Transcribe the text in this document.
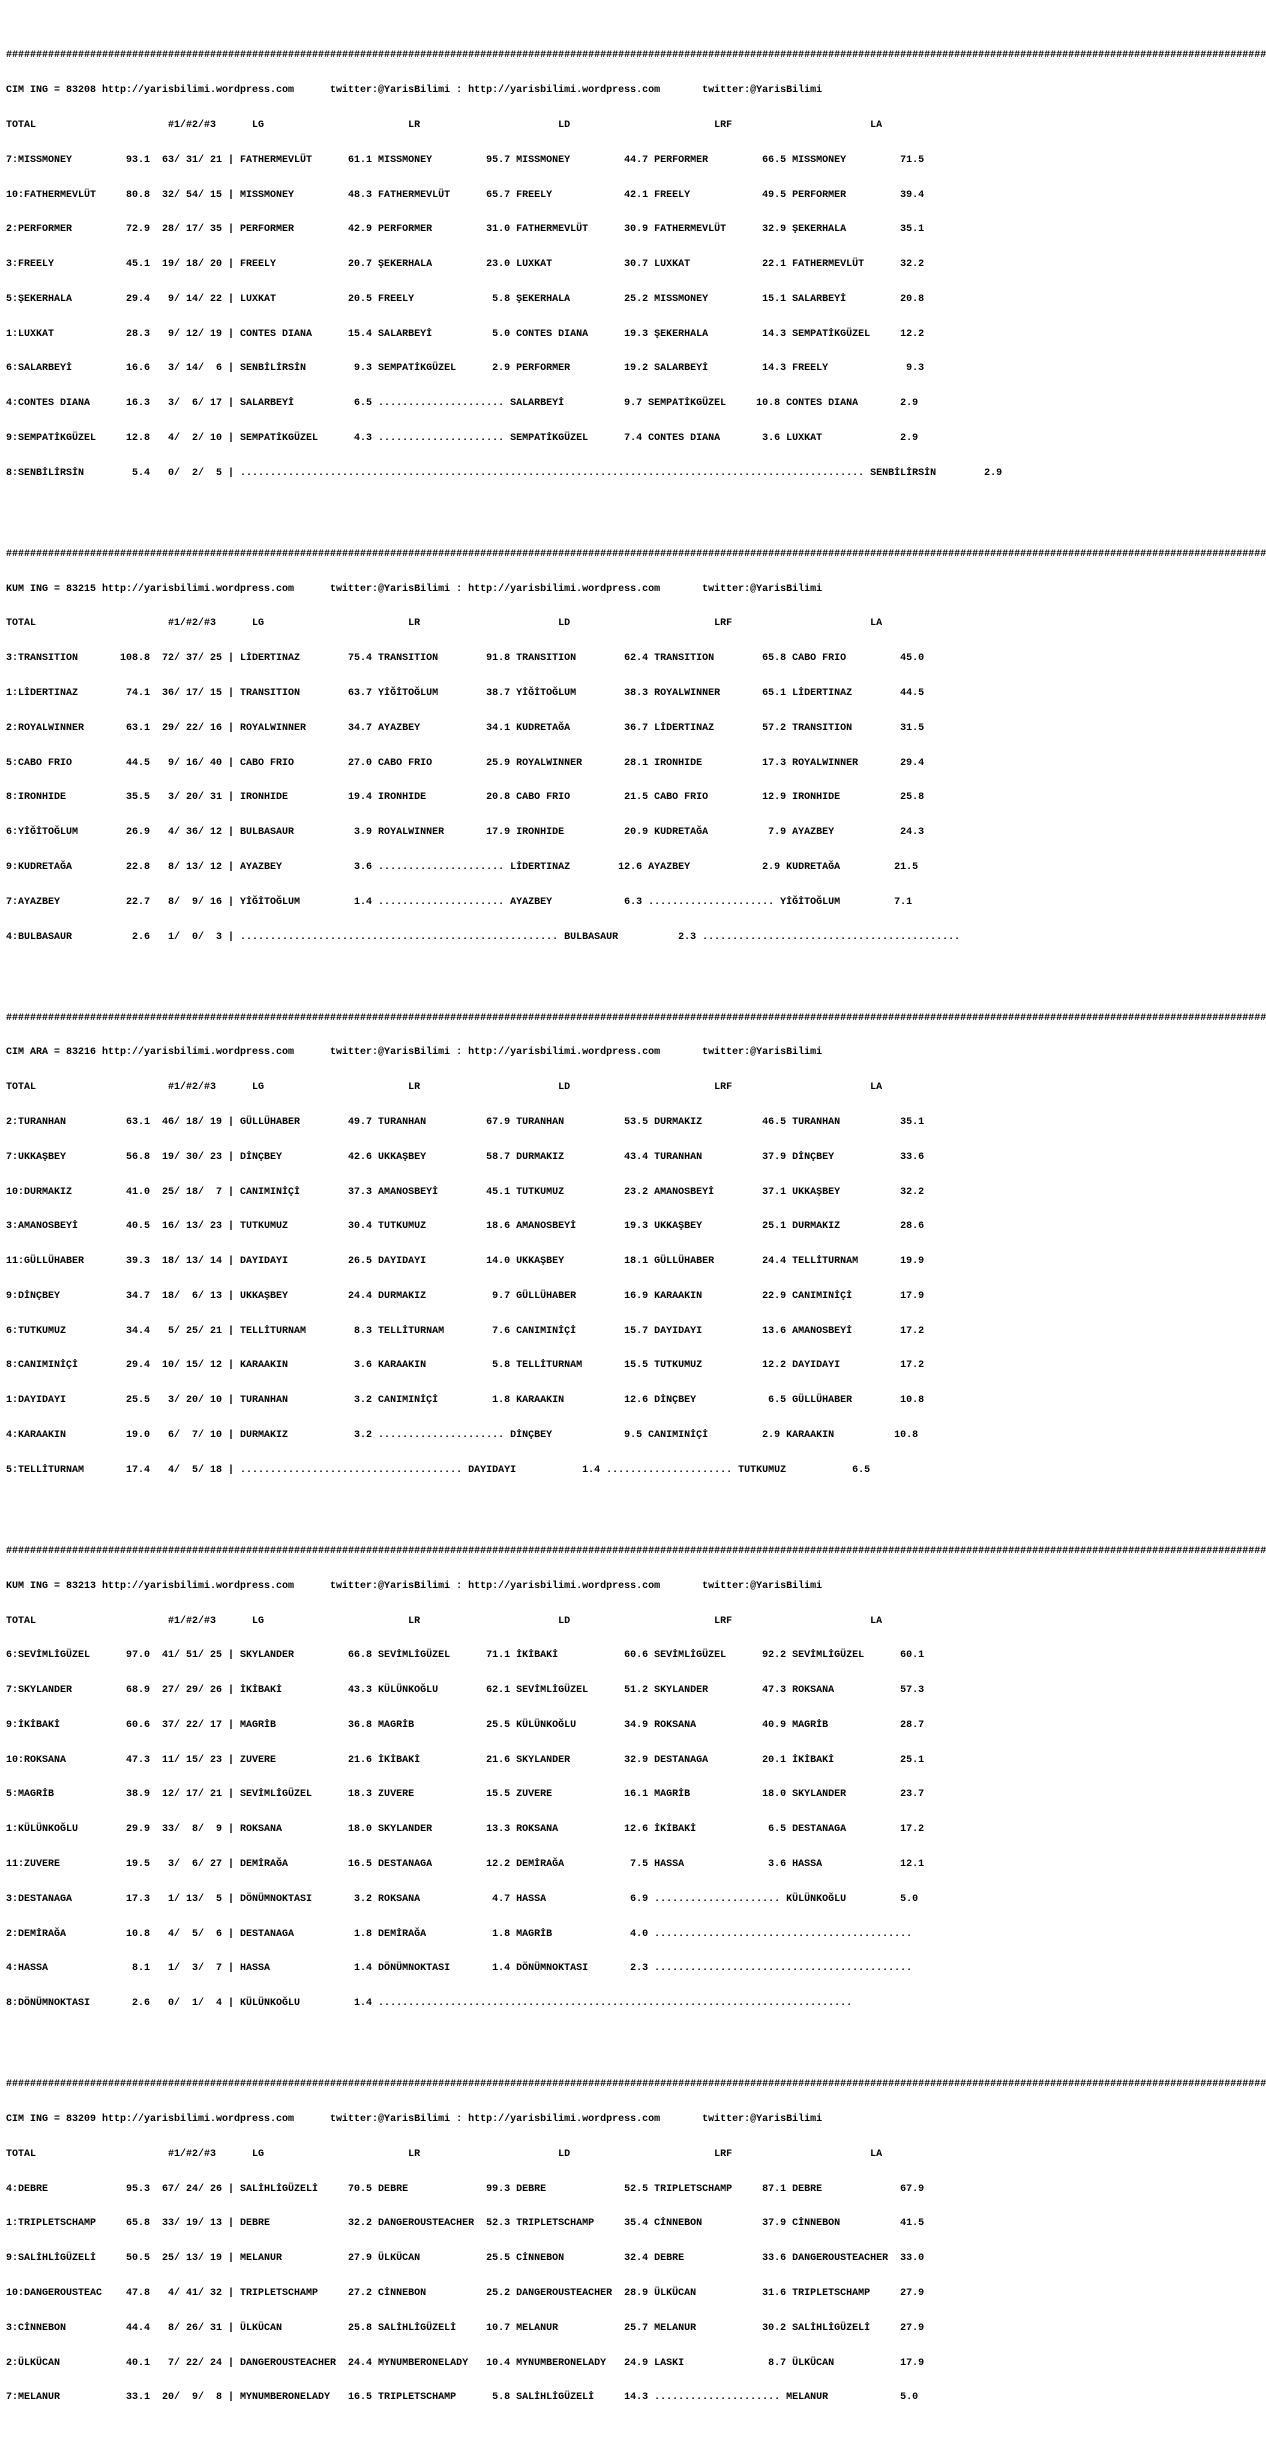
##################################################################################################################################################################################################################

CIM ING = 83208 http://yarisbilimi.wordpress.com      twitter:@YarisBilimi : http://yarisbilimi.wordpress.com       twitter:@YarisBilimi

TOTAL                      #1/#2/#3      LG                        LR                       LD                        LRF                       LA

7:MISSMONEY         93.1  63/ 31/ 21 | FATHERMEVLÜT      61.1 MISSMONEY         95.7 MISSMONEY         44.7 PERFORMER         66.5 MISSMONEY         71.5

10:FATHERMEVLÜT     80.8  32/ 54/ 15 | MISSMONEY         48.3 FATHERMEVLÜT      65.7 FREELY            42.1 FREELY            49.5 PERFORMER         39.4

2:PERFORMER         72.9  28/ 17/ 35 | PERFORMER         42.9 PERFORMER         31.0 FATHERMEVLÜT      30.9 FATHERMEVLÜT      32.9 ŞEKERHALA         35.1

3:FREELY            45.1  19/ 18/ 20 | FREELY            20.7 ŞEKERHALA         23.0 LUXKAT            30.7 LUXKAT            22.1 FATHERMEVLÜT      32.2

5:ŞEKERHALA         29.4   9/ 14/ 22 | LUXKAT            20.5 FREELY             5.8 ŞEKERHALA         25.2 MISSMONEY         15.1 SALARBEYİ         20.8

1:LUXKAT            28.3   9/ 12/ 19 | CONTES DIANA      15.4 SALARBEYİ          5.0 CONTES DIANA      19.3 ŞEKERHALA         14.3 SEMPATİKGÜZEL     12.2

6:SALARBEYİ         16.6   3/ 14/  6 | SENBİLİRSİN        9.3 SEMPATİKGÜZEL      2.9 PERFORMER         19.2 SALARBEYİ         14.3 FREELY             9.3

4:CONTES DIANA      16.3   3/  6/ 17 | SALARBEYİ          6.5 ..................... SALARBEYİ          9.7 SEMPATİKGÜZEL     10.8 CONTES DIANA       2.9

9:SEMPATİKGÜZEL     12.8   4/  2/ 10 | SEMPATİKGÜZEL      4.3 ..................... SEMPATİKGÜZEL      7.4 CONTES DIANA       3.6 LUXKAT             2.9

8:SENBİLİRSİN        5.4   0/  2/  5 | ........................................................................................................ SENBİLİRSİN        2.9

##################################################################################################################################################################################################################

KUM ING = 83215 http://yarisbilimi.wordpress.com      twitter:@YarisBilimi : http://yarisbilimi.wordpress.com       twitter:@YarisBilimi

TOTAL                      #1/#2/#3      LG                        LR                       LD                        LRF                       LA

3:TRANSITION       108.8  72/ 37/ 25 | LİDERTINAZ        75.4 TRANSITION        91.8 TRANSITION        62.4 TRANSITION        65.8 CABO FRIO         45.0

1:LİDERTINAZ        74.1  36/ 17/ 15 | TRANSITION        63.7 YİĞİTOĞLUM        38.7 YİĞİTOĞLUM        38.3 ROYALWINNER       65.1 LİDERTINAZ        44.5

2:ROYALWINNER       63.1  29/ 22/ 16 | ROYALWINNER       34.7 AYAZBEY           34.1 KUDRETAĞA         36.7 LİDERTINAZ        57.2 TRANSITION        31.5

5:CABO FRIO         44.5   9/ 16/ 40 | CABO FRIO         27.0 CABO FRIO         25.9 ROYALWINNER       28.1 IRONHIDE          17.3 ROYALWINNER       29.4

8:IRONHIDE          35.5   3/ 20/ 31 | IRONHIDE          19.4 IRONHIDE          20.8 CABO FRIO         21.5 CABO FRIO         12.9 IRONHIDE          25.8

6:YİĞİTOĞLUM        26.9   4/ 36/ 12 | BULBASAUR          3.9 ROYALWINNER       17.9 IRONHIDE          20.9 KUDRETAĞA          7.9 AYAZBEY           24.3

9:KUDRETAĞA         22.8   8/ 13/ 12 | AYAZBEY            3.6 ..................... LİDERTINAZ        12.6 AYAZBEY            2.9 KUDRETAĞA         21.5

7:AYAZBEY           22.7   8/  9/ 16 | YİĞİTOĞLUM         1.4 ..................... AYAZBEY            6.3 ..................... YİĞİTOĞLUM         7.1

4:BULBASAUR          2.6   1/  0/  3 | ..................................................... BULBASAUR          2.3 ...........................................

##################################################################################################################################################################################################################

CIM ARA = 83216 http://yarisbilimi.wordpress.com      twitter:@YarisBilimi : http://yarisbilimi.wordpress.com       twitter:@YarisBilimi

TOTAL                      #1/#2/#3      LG                        LR                       LD                        LRF                       LA

2:TURANHAN          63.1  46/ 18/ 19 | GÜLLÜHABER        49.7 TURANHAN          67.9 TURANHAN          53.5 DURMAKIZ          46.5 TURANHAN          35.1

7:UKKAŞBEY          56.8  19/ 30/ 23 | DİNÇBEY           42.6 UKKAŞBEY          58.7 DURMAKIZ          43.4 TURANHAN          37.9 DİNÇBEY           33.6

10:DURMAKIZ         41.0  25/ 18/  7 | CANIMINİÇİ        37.3 AMANOSBEYİ        45.1 TUTKUMUZ          23.2 AMANOSBEYİ        37.1 UKKAŞBEY          32.2

3:AMANOSBEYİ        40.5  16/ 13/ 23 | TUTKUMUZ          30.4 TUTKUMUZ          18.6 AMANOSBEYİ        19.3 UKKAŞBEY          25.1 DURMAKIZ          28.6

11:GÜLLÜHABER       39.3  18/ 13/ 14 | DAYIDAYI          26.5 DAYIDAYI          14.0 UKKAŞBEY          18.1 GÜLLÜHABER        24.4 TELLİTURNAM       19.9

9:DİNÇBEY           34.7  18/  6/ 13 | UKKAŞBEY          24.4 DURMAKIZ           9.7 GÜLLÜHABER        16.9 KARAAKIN          22.9 CANIMINİÇİ        17.9

6:TUTKUMUZ          34.4   5/ 25/ 21 | TELLİTURNAM        8.3 TELLİTURNAM        7.6 CANIMINİÇİ        15.7 DAYIDAYI          13.6 AMANOSBEYİ        17.2

8:CANIMINİÇİ        29.4  10/ 15/ 12 | KARAAKIN           3.6 KARAAKIN           5.8 TELLİTURNAM       15.5 TUTKUMUZ          12.2 DAYIDAYI          17.2

1:DAYIDAYI          25.5   3/ 20/ 10 | TURANHAN           3.2 CANIMINİÇİ         1.8 KARAAKIN          12.6 DİNÇBEY            6.5 GÜLLÜHABER        10.8

4:KARAAKIN          19.0   6/  7/ 10 | DURMAKIZ           3.2 ..................... DİNÇBEY            9.5 CANIMINİÇİ         2.9 KARAAKIN          10.8

5:TELLİTURNAM       17.4   4/  5/ 18 | ..................................... DAYIDAYI           1.4 ..................... TUTKUMUZ           6.5

##################################################################################################################################################################################################################

KUM ING = 83213 http://yarisbilimi.wordpress.com      twitter:@YarisBilimi : http://yarisbilimi.wordpress.com       twitter:@YarisBilimi

TOTAL                      #1/#2/#3      LG                        LR                       LD                        LRF                       LA

6:SEVİMLİGÜZEL      97.0  41/ 51/ 25 | SKYLANDER         66.8 SEVİMLİGÜZEL      71.1 İKİBAKİ           60.6 SEVİMLİGÜZEL      92.2 SEVİMLİGÜZEL      60.1

7:SKYLANDER         68.9  27/ 29/ 26 | İKİBAKİ           43.3 KÜLÜNKOĞLU        62.1 SEVİMLİGÜZEL      51.2 SKYLANDER         47.3 ROKSANA           57.3

9:İKİBAKİ           60.6  37/ 22/ 17 | MAGRİB            36.8 MAGRİB            25.5 KÜLÜNKOĞLU        34.9 ROKSANA           40.9 MAGRİB            28.7

10:ROKSANA          47.3  11/ 15/ 23 | ZUVERE            21.6 İKİBAKİ           21.6 SKYLANDER         32.9 DESTANAGA         20.1 İKİBAKİ           25.1

5:MAGRİB            38.9  12/ 17/ 21 | SEVİMLİGÜZEL      18.3 ZUVERE            15.5 ZUVERE            16.1 MAGRİB            18.0 SKYLANDER         23.7

1:KÜLÜNKOĞLU        29.9  33/  8/  9 | ROKSANA           18.0 SKYLANDER         13.3 ROKSANA           12.6 İKİBAKİ            6.5 DESTANAGA         17.2

11:ZUVERE           19.5   3/  6/ 27 | DEMİRAĞA          16.5 DESTANAGA         12.2 DEMİRAĞA           7.5 HASSA              3.6 HASSA             12.1

3:DESTANAGA         17.3   1/ 13/  5 | DÖNÜMNOKTASI       3.2 ROKSANA            4.7 HASSA              6.9 ..................... KÜLÜNKOĞLU         5.0

2:DEMİRAĞA          10.8   4/  5/  6 | DESTANAGA          1.8 DEMİRAĞA           1.8 MAGRİB             4.0 ...........................................

4:HASSA              8.1   1/  3/  7 | HASSA              1.4 DÖNÜMNOKTASI       1.4 DÖNÜMNOKTASI       2.3 ...........................................

8:DÖNÜMNOKTASI       2.6   0/  1/  4 | KÜLÜNKOĞLU         1.4 ...............................................................................

##################################################################################################################################################################################################################

CIM ING = 83209 http://yarisbilimi.wordpress.com      twitter:@YarisBilimi : http://yarisbilimi.wordpress.com       twitter:@YarisBilimi

TOTAL                      #1/#2/#3      LG                        LR                       LD                        LRF                       LA

4:DEBRE             95.3  67/ 24/ 26 | SALİHLİGÜZELİ     70.5 DEBRE             99.3 DEBRE             52.5 TRIPLETSCHAMP     87.1 DEBRE             67.9

1:TRIPLETSCHAMP     65.8  33/ 19/ 13 | DEBRE             32.2 DANGEROUSTEACHER  52.3 TRIPLETSCHAMP     35.4 CİNNEBON          37.9 CİNNEBON          41.5

9:SALİHLİGÜZELİ     50.5  25/ 13/ 19 | MELANUR           27.9 ÜLKÜCAN           25.5 CİNNEBON          32.4 DEBRE             33.6 DANGEROUSTEACHER  33.0

10:DANGEROUSTEAC    47.8   4/ 41/ 32 | TRIPLETSCHAMP     27.2 CİNNEBON          25.2 DANGEROUSTEACHER  28.9 ÜLKÜCAN           31.6 TRIPLETSCHAMP     27.9

3:CİNNEBON          44.4   8/ 26/ 31 | ÜLKÜCAN           25.8 SALİHLİGÜZELİ     10.7 MELANUR           25.7 MELANUR           30.2 SALİHLİGÜZELİ     27.9

2:ÜLKÜCAN           40.1   7/ 22/ 24 | DANGEROUSTEACHER  24.4 MYNUMBERONELADY   10.4 MYNUMBERONELADY   24.9 LASKI              8.7 ÜLKÜCAN           17.9

7:MELANUR           33.1  20/  9/  8 | MYNUMBERONELADY   16.5 TRIPLETSCHAMP      5.8 SALİHLİGÜZELİ     14.3 ..................... MELANUR            5.0
